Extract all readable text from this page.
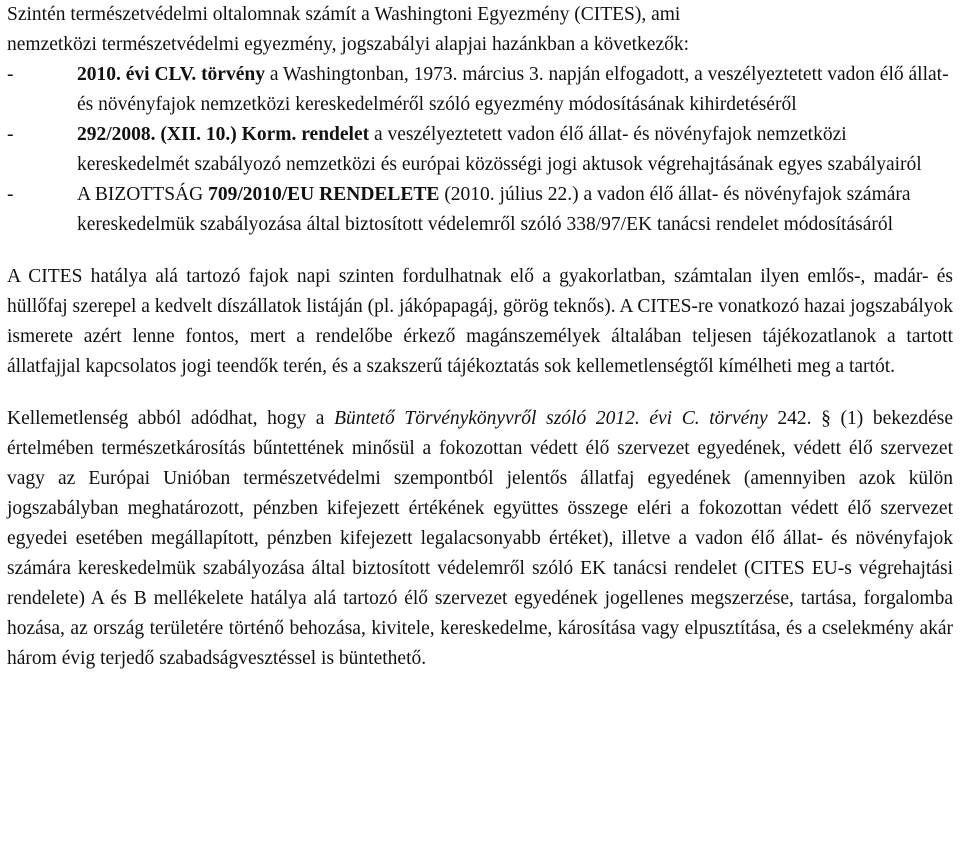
Szintén természetvédelmi oltalomnak számít a Washingtoni Egyezmény (CITES), ami
nemzetközi természetvédelmi egyezmény, jogszabályi alapjai hazánkban a következők:

-	2010. évi CLV. törvény a Washingtonban, 1973. március 3. napján elfogadott, a veszélyeztetett vadon élő állat- és növényfajok nemzetközi kereskedelméről szóló egyezmény módosításának kihirdetéséről
-	292/2008. (XII. 10.) Korm. rendelet a veszélyeztetett vadon élő állat- és növényfajok nemzetközi kereskedelmét szabályozó nemzetközi és európai közösségi jogi aktusok végrehajtásának egyes szabályairól
-	A BIZOTTSÁG 709/2010/EU RENDELETE (2010. július 22.) a vadon élő állat- és növényfajok számára kereskedelmük szabályozása által biztosított védelemről szóló 338/97/EK tanácsi rendelet módosításáról

A CITES hatálya alá tartozó fajok napi szinten fordulhatnak elő a gyakorlatban, számtalan ilyen emlős-, madár- és hüllőfaj szerepel a kedvelt díszállatok listáján (pl. jákópapagáj, görög teknős). A CITES-re vonatkozó hazai jogszabályok ismerete azért lenne fontos, mert a rendelőbe érkező magánszemélyek általában teljesen tájékozatlanok a tartott állatfajjal kapcsolatos jogi teendők terén, és a szakszerű tájékoztatás sok kellemetlenségtől kímélheti meg a tartót.

Kellemetlenség abból adódhat, hogy a Büntető Törvénykönyvről szóló 2012. évi C. törvény 242. § (1) bekezdése értelmében természetkárosítás bűntettének minősül a fokozottan védett élő szervezet egyedének, védett élő szervezet vagy az Európai Unióban természetvédelmi szempontból jelentős állatfaj egyedének (amennyiben azok külön jogszabályban meghatározott, pénzben kifejezett értékének együttes összege eléri a fokozottan védett élő szervezet egyedei esetében megállapított, pénzben kifejezett legalacsonyabb értéket), illetve a vadon élő állat- és növényfajok számára kereskedelmük szabályozása által biztosított védelemről szóló EK tanácsi rendelet (CITES EU-s végrehajtási rendelete) A és B mellékelete hatálya alá tartozó élő szervezet egyedének jogellenes megszerzése, tartása, forgalomba hozása, az ország területére történő behozása, kivitele, kereskedelme, károsítása vagy elpusztítása, és a cselekmény akár három évig terjedő szabadságvesztéssel is büntethető.
